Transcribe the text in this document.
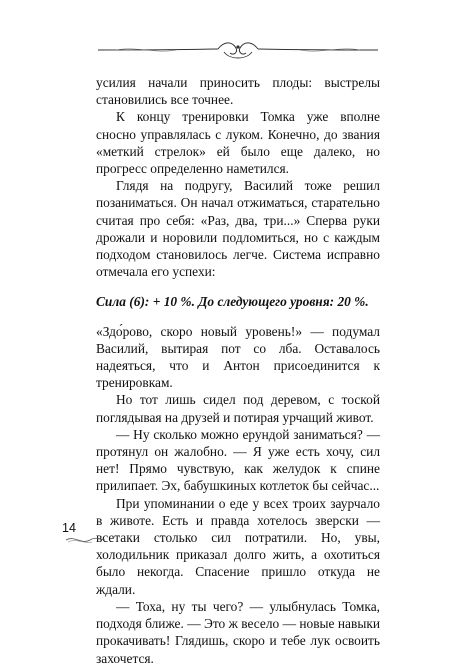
усилия начали приносить плоды: выстрелы становились все точнее.

К концу тренировки Томка уже вполне сносно управлялась с луком. Конечно, до звания «меткий стрелок» ей было еще далеко, но прогресс определенно наметился.

Глядя на подругу, Василий тоже решил позаниматься. Он начал отжиматься, старательно считая про себя: «Раз, два, три...» Сперва руки дрожали и норовили подломиться, но с каждым подходом становилось легче. Система исправно отмечала его успехи:

Сила (6): + 10 %. До следующего уровня: 20 %.

«Здо́рово, скоро новый уровень!» — подумал Василий, вытирая пот со лба. Оставалось надеяться, что и Антон присоединится к тренировкам.

Но тот лишь сидел под деревом, с тоской поглядывая на друзей и потирая урчащий живот.

— Ну сколько можно ерундой заниматься? — протянул он жалобно. — Я уже есть хочу, сил нет! Прямо чувствую, как желудок к спине прилипает. Эх, бабушкиных котлеток бы сейчас...

При упоминании о еде у всех троих заурчало в животе. Есть и правда хотелось зверски — всетаки столько сил потратили. Но, увы, холодильник приказал долго жить, а охотиться было некогда. Спасение пришло откуда не ждали.

— Тоха, ну ты чего? — улыбнулась Томка, подходя ближе. — Это ж весело — новые навыки прокачивать! Глядишь, скоро и тебе лук освоить захочется.

14
